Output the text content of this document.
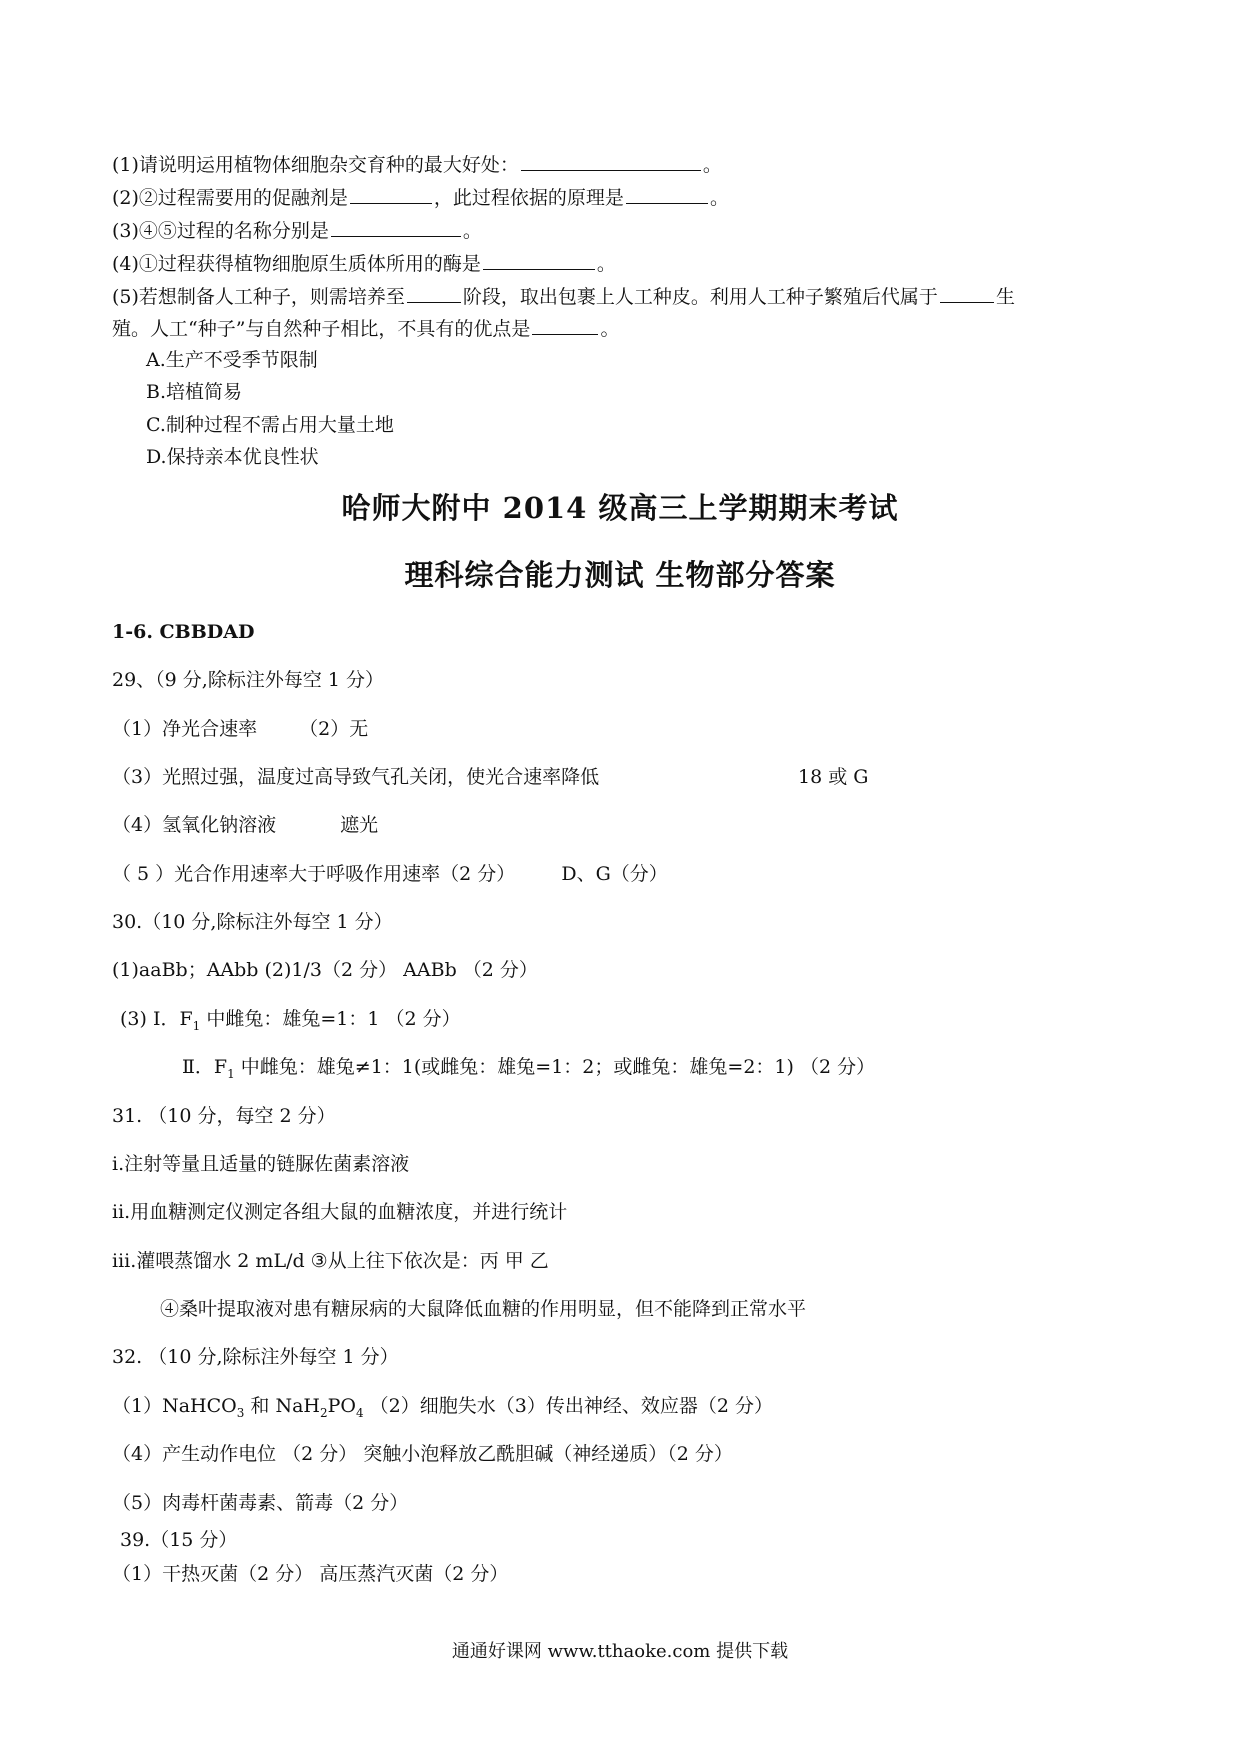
(1)请说明运用植物体细胞杂交育种的最大好处：	。
(2)②过程需要用的促融剂是	，此过程依据的原理是	。
(3)④⑤过程的名称分别是	。
(4)①过程获得植物细胞原生质体所用的酶是	。
(5)若想制备人工种子，则需培养至	阶段，取出包裹上人工种皮。利用人工种子繁殖后代属于	生
殖。人工“种子”与自然种子相比，不具有的优点是	。
A.生产不受季节限制
B.培植简易
C.制种过程不需占用大量土地
D.保持亲本优良性状
哈师大附中 2014 级高三上学期期末考试
理科综合能力测试 生物部分答案
1-6. CBBDAD
29、（9 分,除标注外每空 1 分）
（1）净光合速率 （2）无
（3）光照过强，温度过高导致气孔关闭，使光合速率降低	18 或 G
（4）氢氧化钠溶液	遮光
（ 5 ）光合作用速率大于呼吸作用速率（2 分） D、G（分）
30.（10 分,除标注外每空 1 分）
(1)aaBb；AAbb (2)1/3（2 分） AABb （2 分）
(3) I．$F_1$ 中雌兔：雄兔=1：1 （2 分）
Ⅱ．$F_1$ 中雌兔：雄兔≠1：1(或雌兔：雄兔=1：2；或雌兔：雄兔=2：1) （2 分）
31. （10 分，每空 2 分）
ⅰ.注射等量且适量的链脲佐菌素溶液
ⅱ.用血糖测定仪测定各组大鼠的血糖浓度，并进行统计
ⅲ.灌喂蒸馏水 2 mL/d ③从上往下依次是：丙 甲 乙
④桑叶提取液对患有糖尿病的大鼠降低血糖的作用明显，但不能降到正常水平
32. （10 分,除标注外每空 1 分）
（1）NaHCO$_3$ 和 $NaH_2PO_4$ （2）细胞失水（3）传出神经、效应器（2 分）
（4）产生动作电位 （2 分） 突触小泡释放乙酰胆碱（神经递质）（2 分）
（5）肉毒杆菌毒素、箭毒（2 分）
39.（15 分）
（1）干热灭菌（2 分） 高压蒸汽灭菌（2 分）
通通好课网 www.tthaoke.com 提供下载
